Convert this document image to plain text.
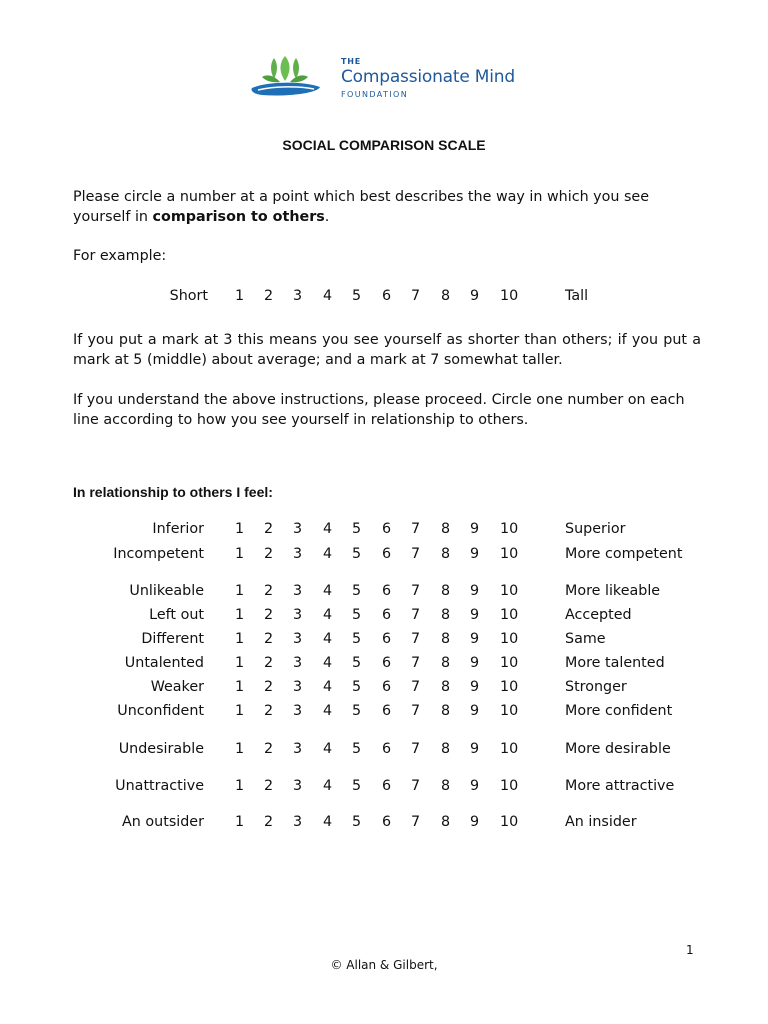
THE
Compassionate Mind
FOUNDATION
SOCIAL COMPARISON SCALE

Please circle a number at a point which best describes the way in which you see yourself in comparison to others.

For example:

Short 1 2 3 4 5 6 7 8 9 10	Tall

If you put a mark at 3 this means you see yourself as shorter than others; if you put a mark at 5 (middle) about average; and a mark at 7 somewhat taller.

If you understand the above instructions, please proceed. Circle one number on each line according to how you see yourself in relationship to others.

In relationship to others I feel:
Inferior 1 2 3 4 5 6 7 8 9 10	Superior
Incompetent 1 2 3 4 5 6 7 8 9 10	More competent
Unlikeable 1 2 3 4 5 6 7 8 9 10	More likeable
Left out 1 2 3 4 5 6 7 8 9 10	Accepted
Different 1 2 3 4 5 6 7 8 9 10	Same
Untalented 1 2 3 4 5 6 7 8 9 10	More talented
Weaker 1 2 3 4 5 6 7 8 9 10	Stronger
Unconfident 1 2 3 4 5 6 7 8 9 10	More confident
Undesirable 1 2 3 4 5 6 7 8 9 10	More desirable
Unattractive 1 2 3 4 5 6 7 8 9 10	More attractive
An outsider 1 2 3 4 5 6 7 8 9 10	An insider
1
© Allan & Gilbert,
